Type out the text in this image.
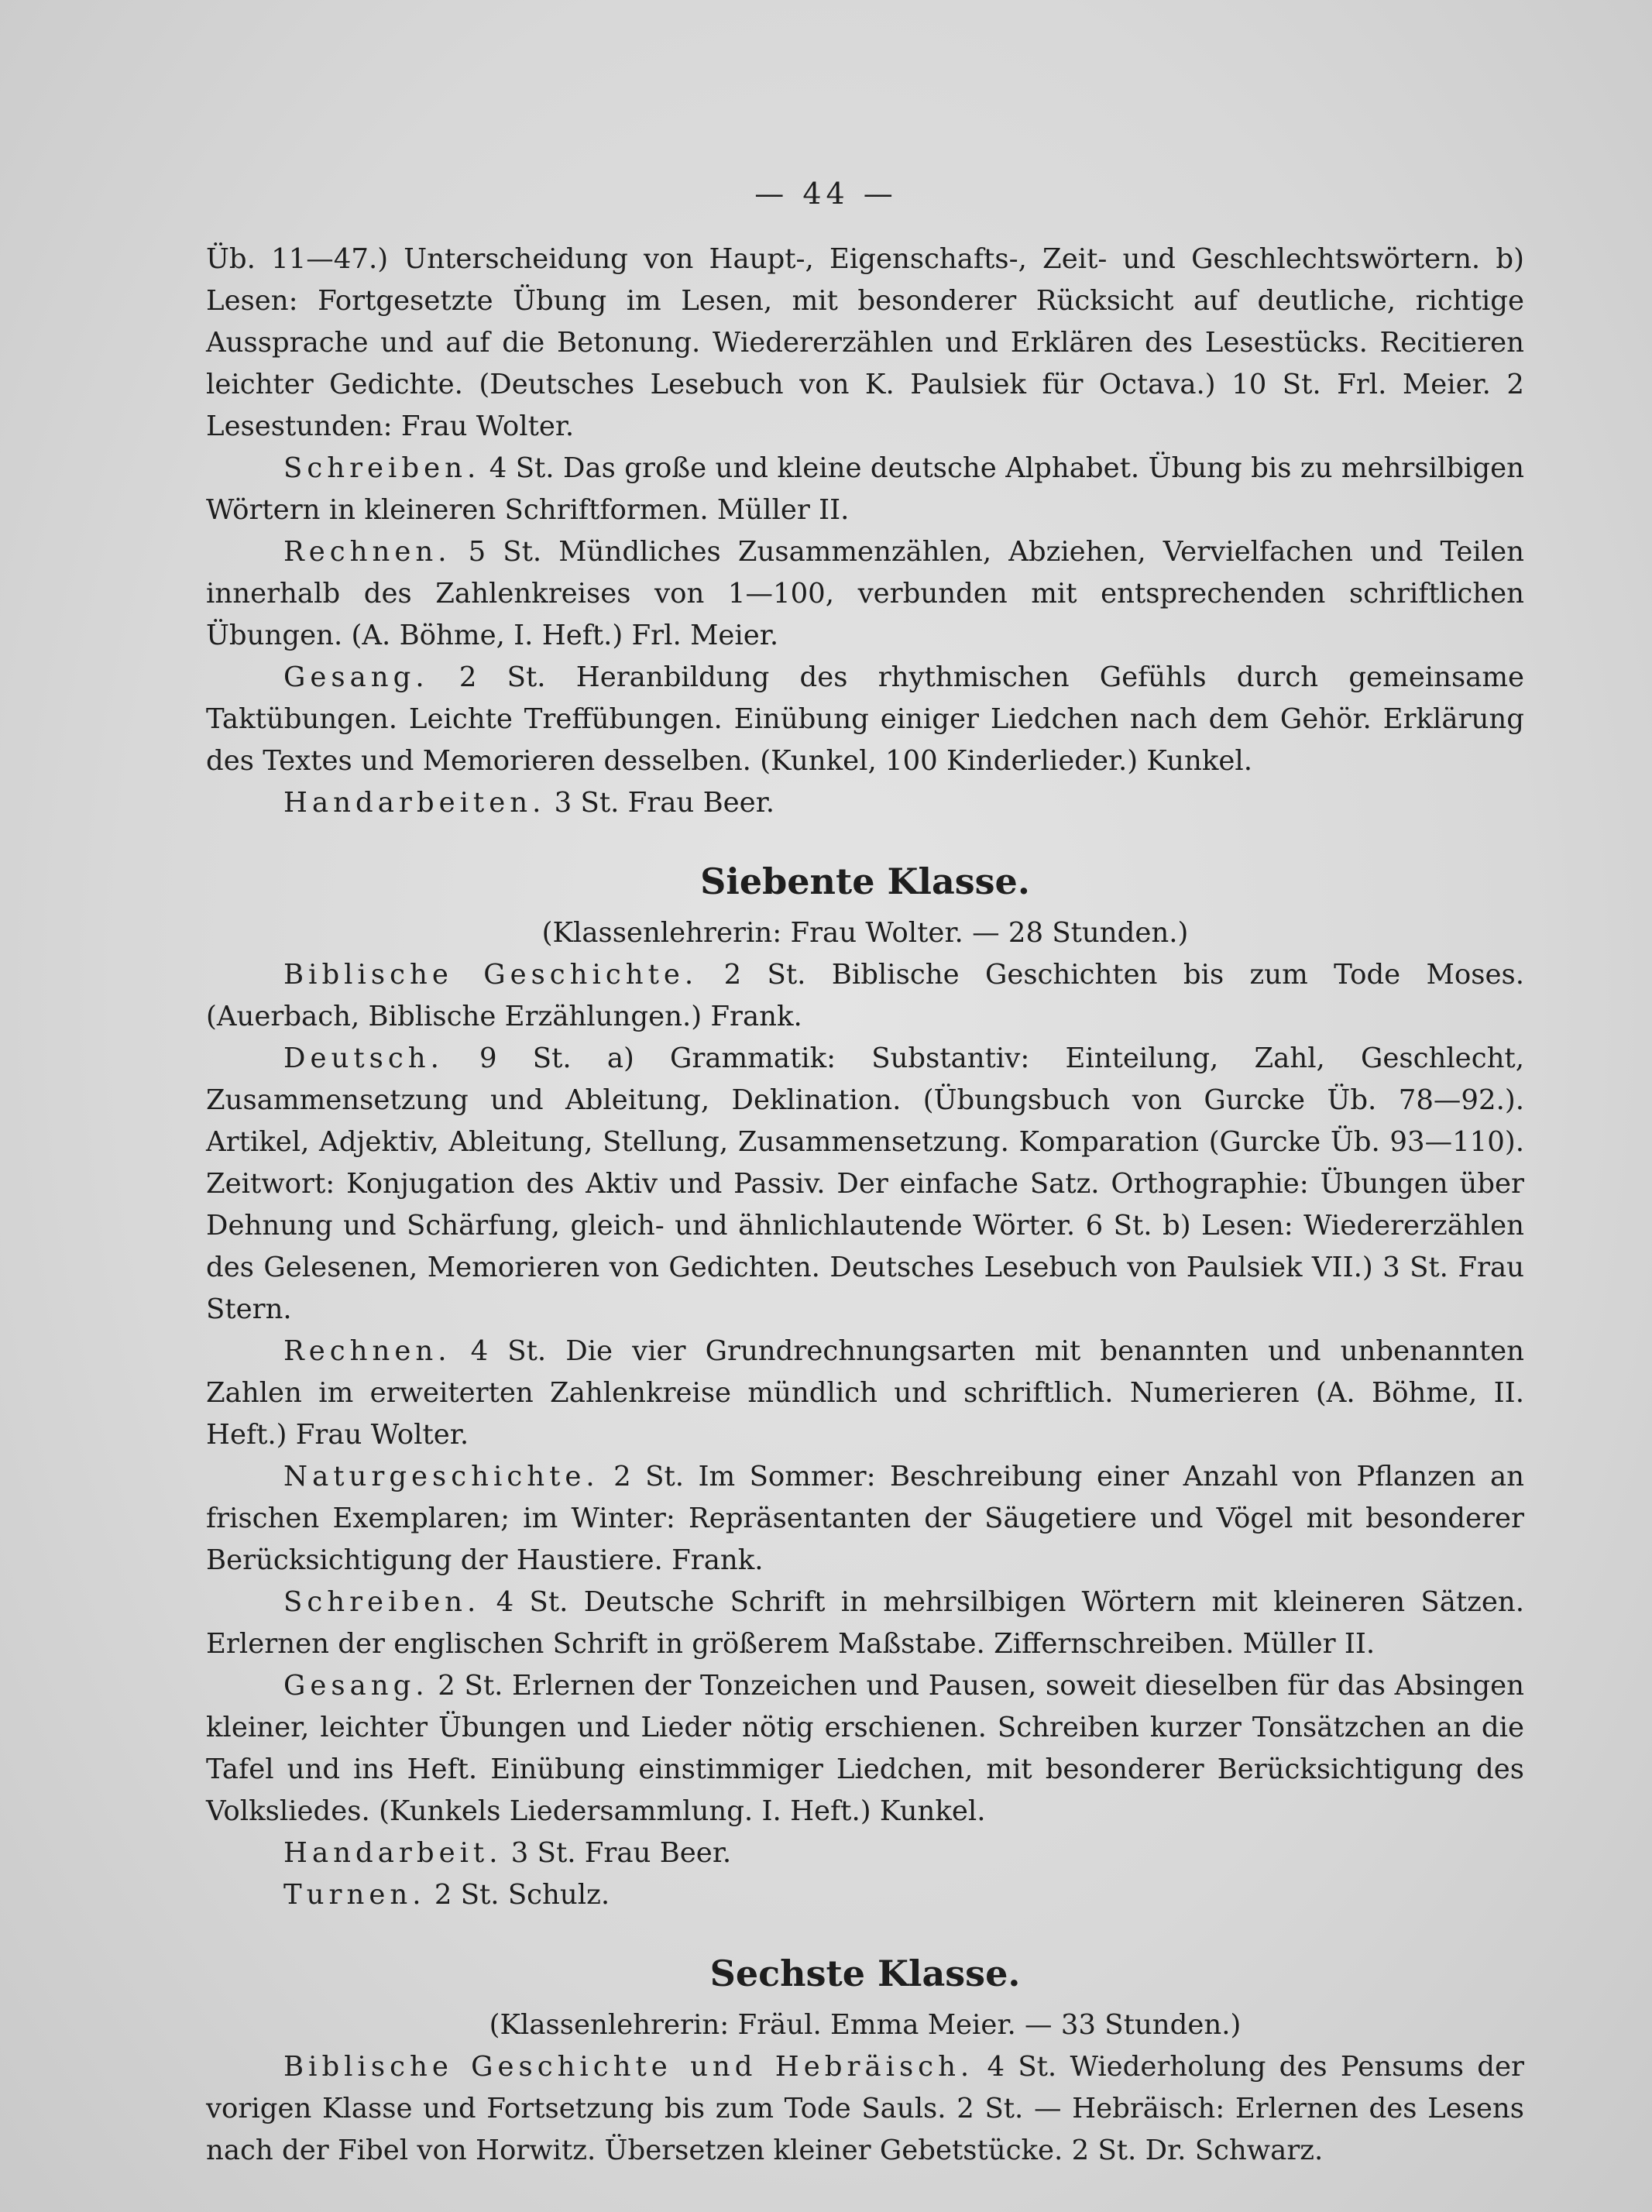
— 44 —

Üb. 11—47.) Unterscheidung von Haupt-, Eigenschafts-, Zeit- und Geschlechtswörtern. b) Lesen: Fortgesetzte Übung im Lesen, mit besonderer Rücksicht auf deutliche, richtige Aussprache und auf die Betonung. Wiedererzählen und Erklären des Lesestücks. Recitieren leichter Gedichte. (Deutsches Lesebuch von K. Paulsiek für Octava.) 10 St. Frl. Meier. 2 Lesestunden: Frau Wolter.

Schreiben. 4 St. Das große und kleine deutsche Alphabet. Übung bis zu mehrsilbigen Wörtern in kleineren Schriftformen. Müller II.

Rechnen. 5 St. Mündliches Zusammenzählen, Abziehen, Vervielfachen und Teilen innerhalb des Zahlenkreises von 1—100, verbunden mit entsprechenden schriftlichen Übungen. (A. Böhme, I. Heft.) Frl. Meier.

Gesang. 2 St. Heranbildung des rhythmischen Gefühls durch gemeinsame Taktübungen. Leichte Treffübungen. Einübung einiger Liedchen nach dem Gehör. Erklärung des Textes und Memorieren desselben. (Kunkel, 100 Kinderlieder.) Kunkel.

Handarbeiten. 3 St. Frau Beer.

Siebente Klasse.
(Klassenlehrerin: Frau Wolter. — 28 Stunden.)

Biblische Geschichte. 2 St. Biblische Geschichten bis zum Tode Moses. (Auerbach, Biblische Erzählungen.) Frank.

Deutsch. 9 St. a) Grammatik: Substantiv: Einteilung, Zahl, Geschlecht, Zusammensetzung und Ableitung, Deklination. (Übungsbuch von Gurcke Üb. 78—92.). Artikel, Adjektiv, Ableitung, Stellung, Zusammensetzung. Komparation (Gurcke Üb. 93—110). Zeitwort: Konjugation des Aktiv und Passiv. Der einfache Satz. Orthographie: Übungen über Dehnung und Schärfung, gleich- und ähnlichlautende Wörter. 6 St. b) Lesen: Wiedererzählen des Gelesenen, Memorieren von Gedichten. Deutsches Lesebuch von Paulsiek VII.) 3 St. Frau Stern.

Rechnen. 4 St. Die vier Grundrechnungsarten mit benannten und unbenannten Zahlen im erweiterten Zahlenkreise mündlich und schriftlich. Numerieren (A. Böhme, II. Heft.) Frau Wolter.

Naturgeschichte. 2 St. Im Sommer: Beschreibung einer Anzahl von Pflanzen an frischen Exemplaren; im Winter: Repräsentanten der Säugetiere und Vögel mit besonderer Berücksichtigung der Haustiere. Frank.

Schreiben. 4 St. Deutsche Schrift in mehrsilbigen Wörtern mit kleineren Sätzen. Erlernen der englischen Schrift in größerem Maßstabe. Ziffernschreiben. Müller II.

Gesang. 2 St. Erlernen der Tonzeichen und Pausen, soweit dieselben für das Absingen kleiner, leichter Übungen und Lieder nötig erschienen. Schreiben kurzer Tonsätzchen an die Tafel und ins Heft. Einübung einstimmiger Liedchen, mit besonderer Berücksichtigung des Volksliedes. (Kunkels Liedersammlung. I. Heft.) Kunkel.

Handarbeit. 3 St. Frau Beer.

Turnen. 2 St. Schulz.

Sechste Klasse.
(Klassenlehrerin: Fräul. Emma Meier. — 33 Stunden.)

Biblische Geschichte und Hebräisch. 4 St. Wiederholung des Pensums der vorigen Klasse und Fortsetzung bis zum Tode Sauls. 2 St. — Hebräisch: Erlernen des Lesens nach der Fibel von Horwitz. Übersetzen kleiner Gebetstücke. 2 St. Dr. Schwarz.
